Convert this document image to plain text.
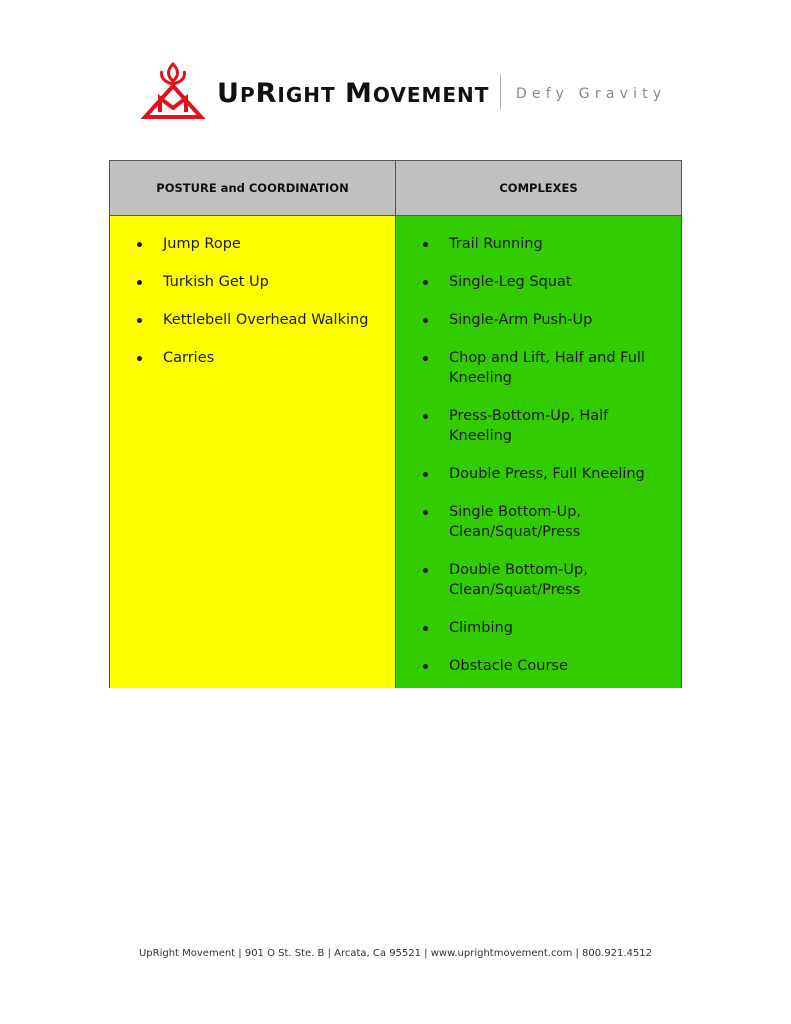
UPRIGHT MOVEMENT Defy Gravity
POSTURE and COORDINATION
Jump Rope
Turkish Get Up
Kettlebell Overhead Walking
Carries
COMPLEXES
Trail Running
Single-Leg Squat
Single-Arm Push-Up
Chop and Lift, Half and Full Kneeling
Press-Bottom-Up, Half Kneeling
Double Press, Full Kneeling
Single Bottom-Up, Clean/Squat/Press
Double Bottom-Up, Clean/Squat/Press
Climbing
Obstacle Course
UpRight Movement | 901 O St. Ste. B | Arcata, Ca 95521 | www.uprightmovement.com | 800.921.4512
